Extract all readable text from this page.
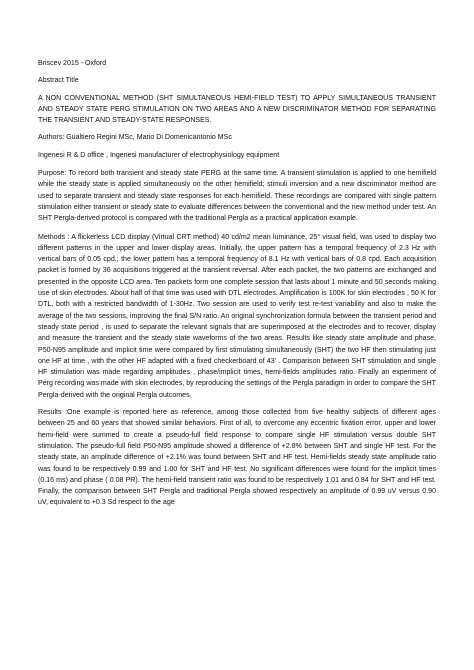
Briscev 2015 - Oxford

Abstract Title

A NON CONVENTIONAL METHOD (SHT SIMULTANEOUS HEMI-FIELD TEST) TO APPLY SIMULTANEOUS TRANSIENT AND STEADY STATE PERG STIMULATION ON TWO AREAS AND A NEW DISCRIMINATOR METHOD FOR SEPARATING THE TRANSIENT AND STEADY-STATE RESPONSES.

Authors: Gualtiero Regini MSc, Mario Di Domenicantonio MSc

Ingenesi R & D office , Ingenesi manufacturer of electrophysiology equipment

Purpose: To record both transient and steady state PERG at the same time. A transient stimulation is applied to one hemifield while the steady state is applied simultaneously on the other hemifield; stimuli inversion and a new discriminator method are used to separate transient and steady state responses for each hemifield. These recordings are compared with single pattern stimulation either transient or steady state to evaluate differences between the conventional and the new method under test. An SHT Pergla-derived protocol is compared with the traditional Pergla as a practical application example.

Methods : A flickerless LCD display (Virtual CRT method) 40 cd/m2 mean luminance, 25° visual field, was used to display two different patterns in the upper and lower display areas. Initially, the upper pattern has a temporal frequency of 2.3 Hz with vertical bars of 0.05 cpd.; the lower pattern has a temporal frequency of 8.1 Hz with vertical bars of 0.8 cpd. Each acquisition packet is formed by 36 acquisitions triggered at the transient reversal. After each packet, the two patterns are exchanged and presented in the opposite LCD area. Ten packets form one complete session that lasts about 1 minute and 50 seconds making use of skin electrodes. About half of that time was used with DTL electrodes. Amplification is 100K for skin electrodes , 50 K for DTL, both with a restricted bandwidth of 1-30Hz. Two session are used to verify test re-test variability and also to make the average of the two sessions, improving the final S/N ratio. An original synchronization formula between the transient period and steady state period , is used to separate the relevant signals that are superimposed at the electrodes and to recover, display and measure the transient and the steady state waveforms of the two areas. Results like steady state amplitude and phase, P50-N95 amplitude and implicit time were compared by first stimulating simultaneously (SHT) the two HF then stimulating just one HF at time , with the other HF adapted with a fixed checkerboard of 43’ . Comparison between SHT stimulation and single HF stimulation was made regarding amplitudes , phase/implicit times, hemi-fields amplitudes ratio. Finally an experiment of Perg recording was made with skin electrodes, by reproducing the settings of the Pergla paradigm in order to compare the SHT Pergla-derived with the original Pergla outcomes.

Results :One example is reported here as reference, among those collected from five healthy subjects of different ages between 25 and 60 years that showed similar behaviors. First of all, to overcome any eccentric fixation error, upper and lower hemi-field were summed to create a pseudo-full field response to compare single HF stimulation versus double SHT stimulation. The pseudo-full field P50-N95 amplitude showed a difference of +2.8% between SHT and single HF test. For the steady state, an amplitude difference of +2.1% was found between SHT and HF test. Hemi-fields steady state amplitude ratio was found to be respectively 0.99 and 1.00 for SHT and HF test. No significant differences were found for the implicit times (0.16 ms) and phase ( 0.08 PR). The hemi-field transient ratio was found to be respectively 1.01 and 0.84 for SHT and HF test. Finally, the comparison between SHT Pergla and traditional Pergla showed respectively an amplitude of 0.99 uV versus 0.90 uV, equivalent to +0.3 Sd respect to the age
